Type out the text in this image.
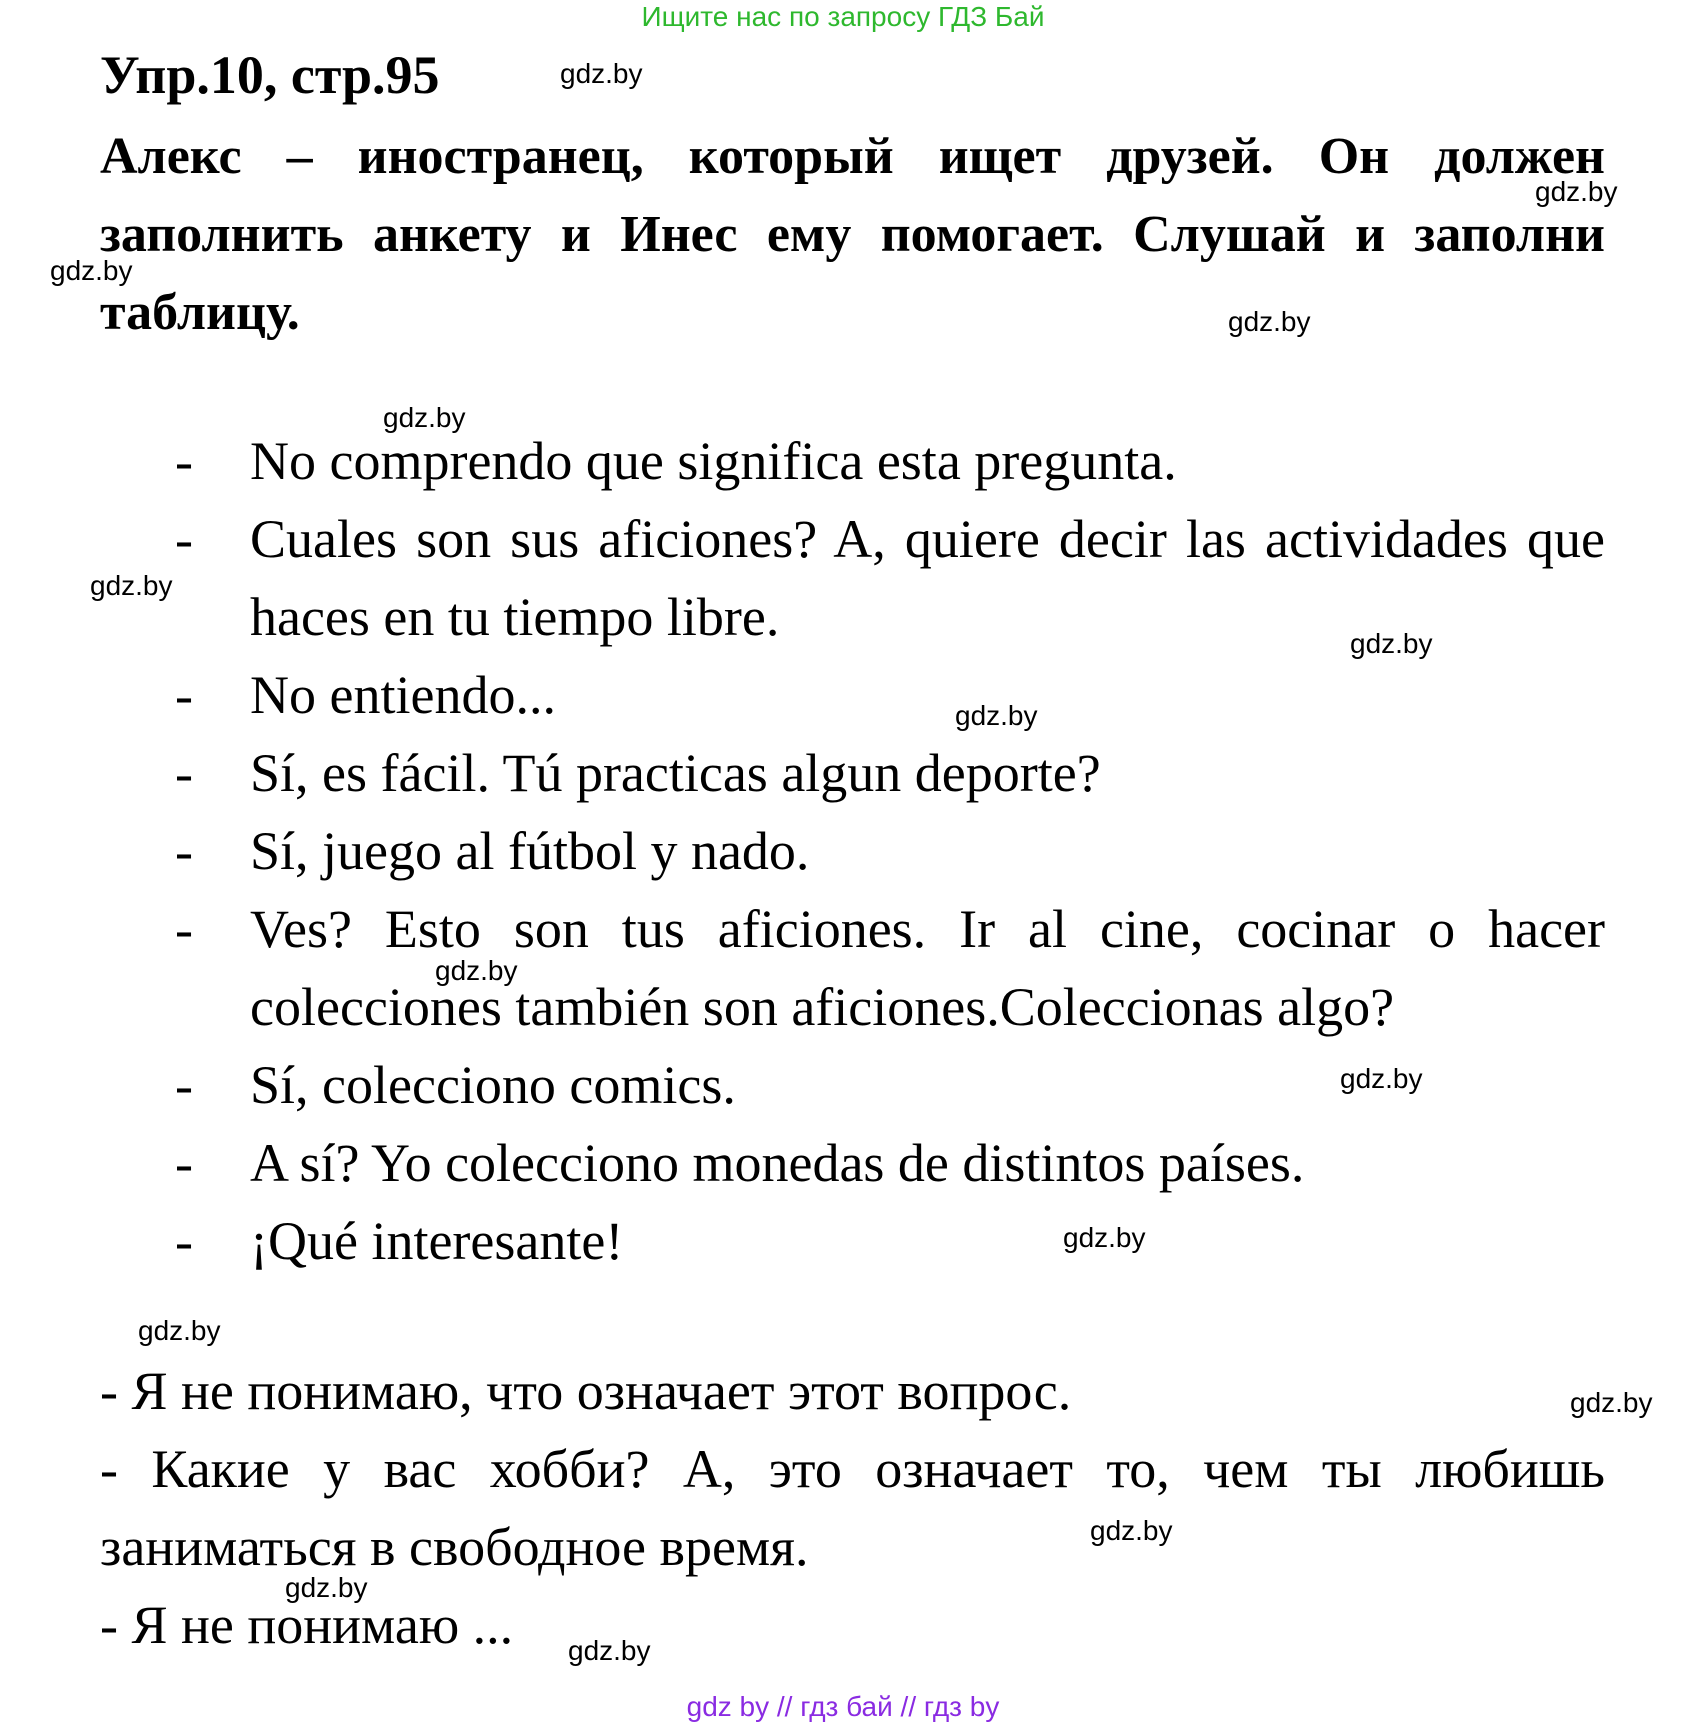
Ищите нас по запросу ГДЗ Бай
Упр.10, стр.95
Алекс – иностранец, который ищет друзей. Он должен заполнить анкету и Инес ему помогает. Слушай и заполни таблицу.
- No comprendo que significa esta pregunta.
- Cuales son sus aficiones? A, quiere decir las actividades que haces en tu tiempo libre.
- No entiendo...
- Sí, es fácil. Tú practicas algun deporte?
- Sí, juego al fútbol y nado.
- Ves? Esto son tus aficiones. Ir al cine, cocinar o hacer colecciones también son aficiones.Coleccionas algo?
- Sí, colecciono comics.
- A sí? Yo colecciono monedas de distintos países.
- ¡Qué interesante!
- Я не понимаю, что означает этот вопрос.
- Какие у вас хобби? А, это означает то, чем ты любишь заниматься в свободное время.
- Я не понимаю ...
gdz.by
gdz.by
gdz.by
gdz.by
gdz.by
gdz.by
gdz.by
gdz.by
gdz.by
gdz.by
gdz.by
gdz.by
gdz.by
gdz.by
gdz.by
gdz.by
gdz by // гдз бай // гдз by
